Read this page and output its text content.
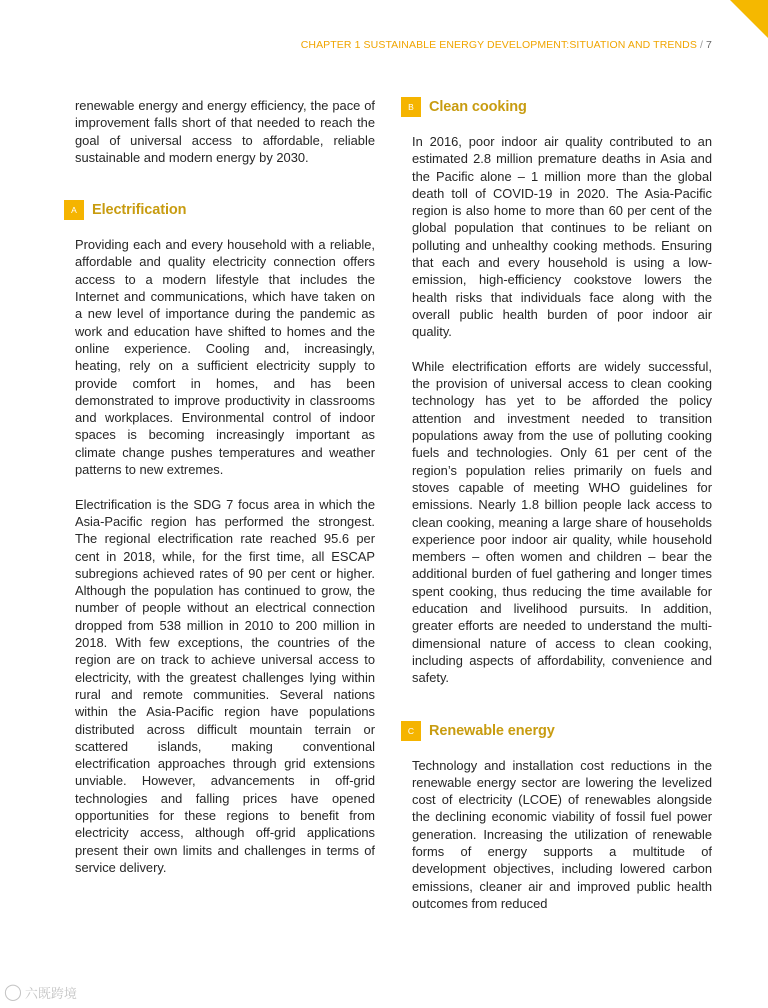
CHAPTER 1 SUSTAINABLE ENERGY DEVELOPMENT:SITUATION AND TRENDS / 7

renewable energy and energy efficiency, the pace of improvement falls short of that needed to reach the goal of universal access to affordable, reliable sustainable and modern energy by 2030.

A	Electrification

Providing each and every household with a reliable, affordable and quality electricity connection offers access to a modern lifestyle that includes the Internet and communications, which have taken on a new level of importance during the pandemic as work and education have shifted to homes and the online experience. Cooling and, increasingly, heating, rely on a sufficient electricity supply to provide comfort in homes, and has been demonstrated to improve productivity in classrooms and workplaces. Environmental control of indoor spaces is becoming increasingly important as climate change pushes temperatures and weather patterns to new extremes.

Electrification is the SDG 7 focus area in which the Asia-Pacific region has performed the strongest. The regional electrification rate reached 95.6 per cent in 2018, while, for the first time, all ESCAP subregions achieved rates of 90 per cent or higher. Although the population has continued to grow, the number of people without an electrical connection dropped from 538 million in 2010 to 200 million in 2018. With few exceptions, the countries of the region are on track to achieve universal access to electricity, with the greatest challenges lying within rural and remote communities. Several nations within the Asia-Pacific region have populations distributed across difficult mountain terrain or scattered islands, making conventional electrification approaches through grid extensions unviable. However, advancements in off-grid technologies and falling prices have opened opportunities for these regions to benefit from electricity access, although off-grid applications present their own limits and challenges in terms of service delivery.

B	Clean cooking

In 2016, poor indoor air quality contributed to an estimated 2.8 million premature deaths in Asia and the Pacific alone – 1 million more than the global death toll of COVID-19 in 2020. The Asia-Pacific region is also home to more than 60 per cent of the global population that continues to be reliant on polluting and unhealthy cooking methods. Ensuring that each and every household is using a low-emission, high-efficiency cookstove lowers the health risks that individuals face along with the overall public health burden of poor indoor air quality.

While electrification efforts are widely successful, the provision of universal access to clean cooking technology has yet to be afforded the policy attention and investment needed to transition populations away from the use of polluting cooking fuels and technologies. Only 61 per cent of the region’s population relies primarily on fuels and stoves capable of meeting WHO guidelines for emissions. Nearly 1.8 billion people lack access to clean cooking, meaning a large share of households experience poor indoor air quality, while household members – often women and children – bear the additional burden of fuel gathering and longer times spent cooking, thus reducing the time available for education and livelihood pursuits. In addition, greater efforts are needed to understand the multi-dimensional nature of access to clean cooking, including aspects of affordability, convenience and safety.

C	Renewable energy

Technology and installation cost reductions in the renewable energy sector are lowering the levelized cost of electricity (LCOE) of renewables alongside the declining economic viability of fossil fuel power generation. Increasing the utilization of renewable forms of energy supports a multitude of development objectives, including lowered carbon emissions, cleaner air and improved public health outcomes from reduced

◯ 六既跨境
